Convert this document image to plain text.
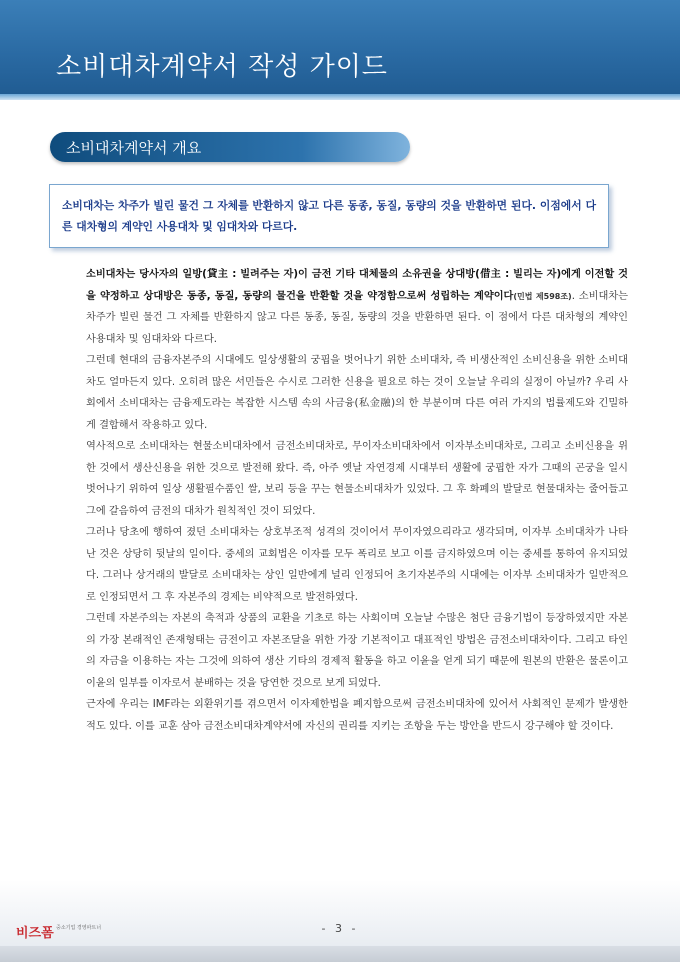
소비대차계약서 작성 가이드
소비대차계약서 개요
소비대차는 차주가 빌린 물건 그 자체를 반환하지 않고 다른 동종, 동질, 동량의 것을 반환하면 된다. 이점에서 다른 대차형의 계약인 사용대차 및 임대차와 다르다.

소비대차는 당사자의 일방(貸主 : 빌려주는 자)이 금전 기타 대체물의 소유권을 상대방(借主 : 빌리는 자)에게 이전할 것을 약정하고 상대방은 동종, 동질, 동량의 물건을 반환할 것을 약정함으로써 성립하는 계약이다(민법 제598조). 소비대차는 차주가 빌린 물건 그 자체를 반환하지 않고 다른 동종, 동질, 동량의 것을 반환하면 된다. 이 점에서 다른 대차형의 계약인 사용대차 및 임대차와 다르다.

그런데 현대의 금융자본주의 시대에도 일상생활의 궁핍을 벗어나기 위한 소비대차, 즉 비생산적인 소비신용을 위한 소비대차도 얼마든지 있다. 오히려 많은 서민들은 수시로 그러한 신용을 필요로 하는 것이 오늘날 우리의 실정이 아닐까? 우리 사회에서 소비대차는 금융제도라는 복잡한 시스템 속의 사금융(私金融)의 한 부분이며 다른 여러 가지의 법률제도와 긴밀하게 결합해서 작용하고 있다.

역사적으로 소비대차는 현물소비대차에서 금전소비대차로, 무이자소비대차에서 이자부소비대차로, 그리고 소비신용을 위한 것에서 생산신용을 위한 것으로 발전해 왔다. 즉, 아주 옛날 자연경제 시대부터 생활에 궁핍한 자가 그때의 곤궁을 일시 벗어나기 위하여 일상 생활필수품인 쌀, 보리 등을 꾸는 현물소비대차가 있었다. 그 후 화폐의 발달로 현물대차는 줄어들고 그에 갈음하여 금전의 대차가 원칙적인 것이 되었다.

그러나 당초에 행하여 졌던 소비대차는 상호부조적 성격의 것이어서 무이자였으리라고 생각되며, 이자부 소비대차가 나타난 것은 상당히 뒷날의 일이다. 중세의 교회법은 이자를 모두 폭리로 보고 이를 금지하였으며 이는 중세를 통하여 유지되었다. 그러나 상거래의 발달로 소비대차는 상인 일반에게 널리 인정되어 초기자본주의 시대에는 이자부 소비대차가 일반적으로 인정되면서 그 후 자본주의 경제는 비약적으로 발전하였다.

그런데 자본주의는 자본의 축적과 상품의 교환을 기초로 하는 사회이며 오늘날 수많은 첨단 금융기법이 등장하였지만 자본의 가장 본래적인 존재형태는 금전이고 자본조달을 위한 가장 기본적이고 대표적인 방법은 금전소비대차이다. 그리고 타인의 자금을 이용하는 자는 그것에 의하여 생산 기타의 경제적 활동을 하고 이윤을 얻게 되기 때문에 원본의 반환은 물론이고 이윤의 일부를 이자로서 분배하는 것을 당연한 것으로 보게 되었다.

근자에 우리는 IMF라는 외환위기를 겪으면서 이자제한법을 폐지함으로써 금전소비대차에 있어서 사회적인 문제가 발생한 적도 있다. 이를 교훈 삼아 금전소비대차계약서에 자신의 권리를 지키는 조항을 두는 방안을 반드시 강구해야 할 것이다.

비즈폼 중소기업 경영파트너	- 3 -
